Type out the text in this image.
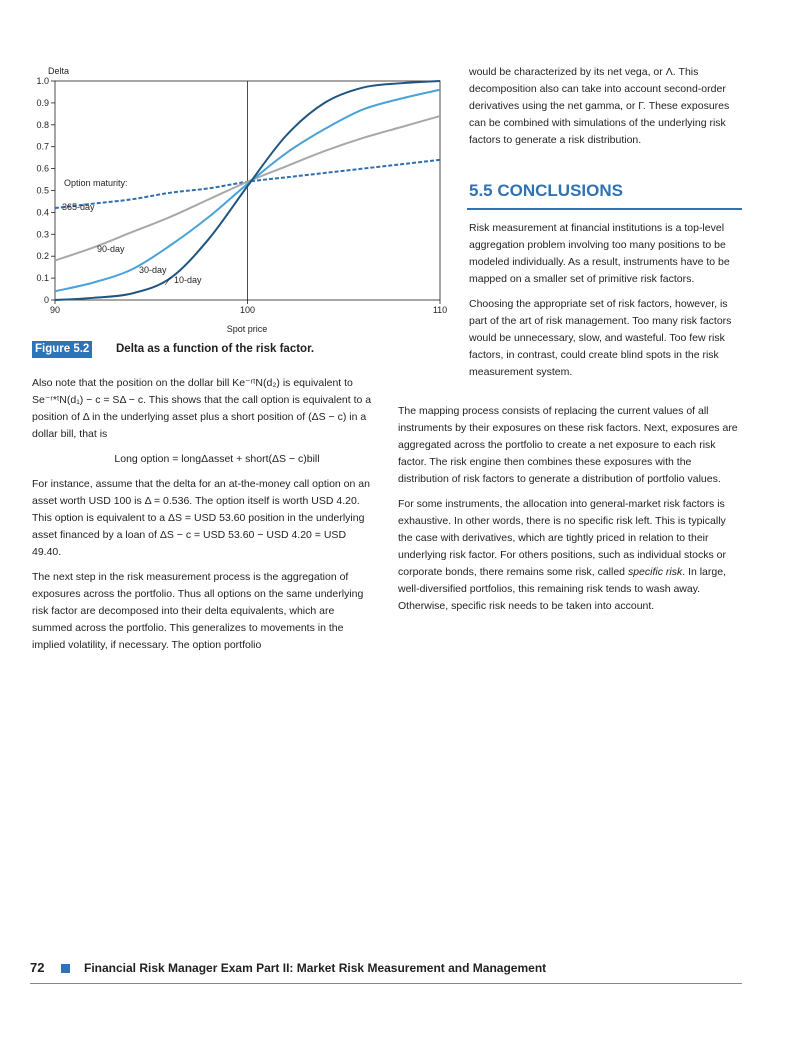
Delta
Spot price
Option maturity:
0
0.1
0.2
0.3
0.4
0.5
0.6
0.7
0.8
0.9
1.0
90	100	110
365-day
90-day
30-day
10-day
Figure 5.2 Delta as a function of the risk factor.

Also note that the position on the dollar bill Ke⁻ʳᵗN(d₂) is equivalent to Se⁻ʳ*ᵗN(d₁) − c = SΔ − c. This shows that the call option is equivalent to a position of Δ in the underlying asset plus a short position of (ΔS − c) in a dollar bill, that is

Long option = longΔasset + short(ΔS − c)bill

For instance, assume that the delta for an at-the-money call option on an asset worth USD 100 is Δ = 0.536. The option itself is worth USD 4.20. This option is equivalent to a ΔS = USD 53.60 position in the underlying asset financed by a loan of ΔS − c = USD 53.60 − USD 4.20 = USD 49.40.

The next step in the risk measurement process is the aggregation of exposures across the portfolio. Thus all options on the same underlying risk factor are decomposed into their delta equivalents, which are summed across the portfolio. This generalizes to movements in the implied volatility, if necessary. The option portfolio

would be characterized by its net vega, or Λ. This decomposition also can take into account second-order derivatives using the net gamma, or Γ. These exposures can be combined with simulations of the underlying risk factors to generate a risk distribution.

5.5 CONCLUSIONS

Risk measurement at financial institutions is a top-level aggregation problem involving too many positions to be modeled individually. As a result, instruments have to be mapped on a smaller set of primitive risk factors.

Choosing the appropriate set of risk factors, however, is part of the art of risk management. Too many risk factors would be unnecessary, slow, and wasteful. Too few risk factors, in contrast, could create blind spots in the risk measurement system.

The mapping process consists of replacing the current values of all instruments by their exposures on these risk factors. Next, exposures are aggregated across the portfolio to create a net exposure to each risk factor. The risk engine then combines these exposures with the distribution of risk factors to generate a distribution of portfolio values.

For some instruments, the allocation into general-market risk factors is exhaustive. In other words, there is no specific risk left. This is typically the case with derivatives, which are tightly priced in relation to their underlying risk factor. For others positions, such as individual stocks or corporate bonds, there remains some risk, called specific risk. In large, well-diversified portfolios, this remaining risk tends to wash away. Otherwise, specific risk needs to be taken into account.

72	Financial Risk Manager Exam Part II: Market Risk Measurement and Management
